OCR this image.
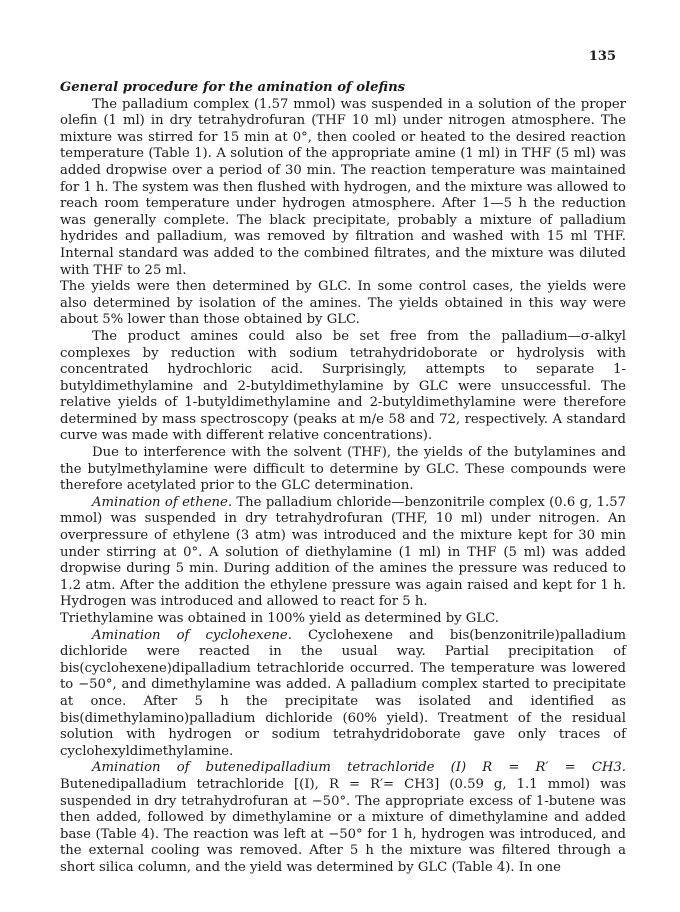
135

General procedure for the amination of olefins

The palladium complex (1.57 mmol) was suspended in a solution of the proper olefin (1 ml) in dry tetrahydrofuran (THF 10 ml) under nitrogen atmosphere. The mixture was stirred for 15 min at 0°, then cooled or heated to the desired reaction temperature (Table 1). A solution of the appropriate amine (1 ml) in THF (5 ml) was added dropwise over a period of 30 min. The reaction temperature was maintained for 1 h. The system was then flushed with hydrogen, and the mixture was allowed to reach room temperature under hydrogen atmosphere. After 1—5 h the reduction was generally complete. The black precipitate, probably a mixture of palladium hydrides and palladium, was removed by filtration and washed with 15 ml THF. Internal standard was added to the combined filtrates, and the mixture was diluted with THF to 25 ml.

The yields were then determined by GLC. In some control cases, the yields were also determined by isolation of the amines. The yields obtained in this way were about 5% lower than those obtained by GLC.

The product amines could also be set free from the palladium—σ-alkyl complexes by reduction with sodium tetrahydridoborate or hydrolysis with concentrated hydrochloric acid. Surprisingly, attempts to separate 1-butyldimethylamine and 2-butyldimethylamine by GLC were unsuccessful. The relative yields of 1-butyldimethylamine and 2-butyldimethylamine were therefore determined by mass spectroscopy (peaks at m/e 58 and 72, respectively. A standard curve was made with different relative concentrations).

Due to interference with the solvent (THF), the yields of the butylamines and the butylmethylamine were difficult to determine by GLC. These compounds were therefore acetylated prior to the GLC determination.

Amination of ethene. The palladium chloride—benzonitrile complex (0.6 g, 1.57 mmol) was suspended in dry tetrahydrofuran (THF, 10 ml) under nitrogen. An overpressure of ethylene (3 atm) was introduced and the mixture kept for 30 min under stirring at 0°. A solution of diethylamine (1 ml) in THF (5 ml) was added dropwise during 5 min. During addition of the amines the pressure was reduced to 1.2 atm. After the addition the ethylene pressure was again raised and kept for 1 h. Hydrogen was introduced and allowed to react for 5 h.

Triethylamine was obtained in 100% yield as determined by GLC.

Amination of cyclohexene. Cyclohexene and bis(benzonitrile)palladium dichloride were reacted in the usual way. Partial precipitation of bis(cyclohexene)dipalladium tetrachloride occurred. The temperature was lowered to −50°, and dimethylamine was added. A palladium complex started to precipitate at once. After 5 h the precipitate was isolated and identified as bis(dimethylamino)palladium dichloride (60% yield). Treatment of the residual solution with hydrogen or sodium tetrahydridoborate gave only traces of cyclohexyldimethylamine.

Amination of butenedipalladium tetrachloride (I) R = R′ = CH3. Butenedipalladium tetrachloride [(I), R = R′= CH3] (0.59 g, 1.1 mmol) was suspended in dry tetrahydrofuran at −50°. The appropriate excess of 1-butene was then added, followed by dimethylamine or a mixture of dimethylamine and added base (Table 4). The reaction was left at −50° for 1 h, hydrogen was introduced, and the external cooling was removed. After 5 h the mixture was filtered through a short silica column, and the yield was determined by GLC (Table 4). In one
